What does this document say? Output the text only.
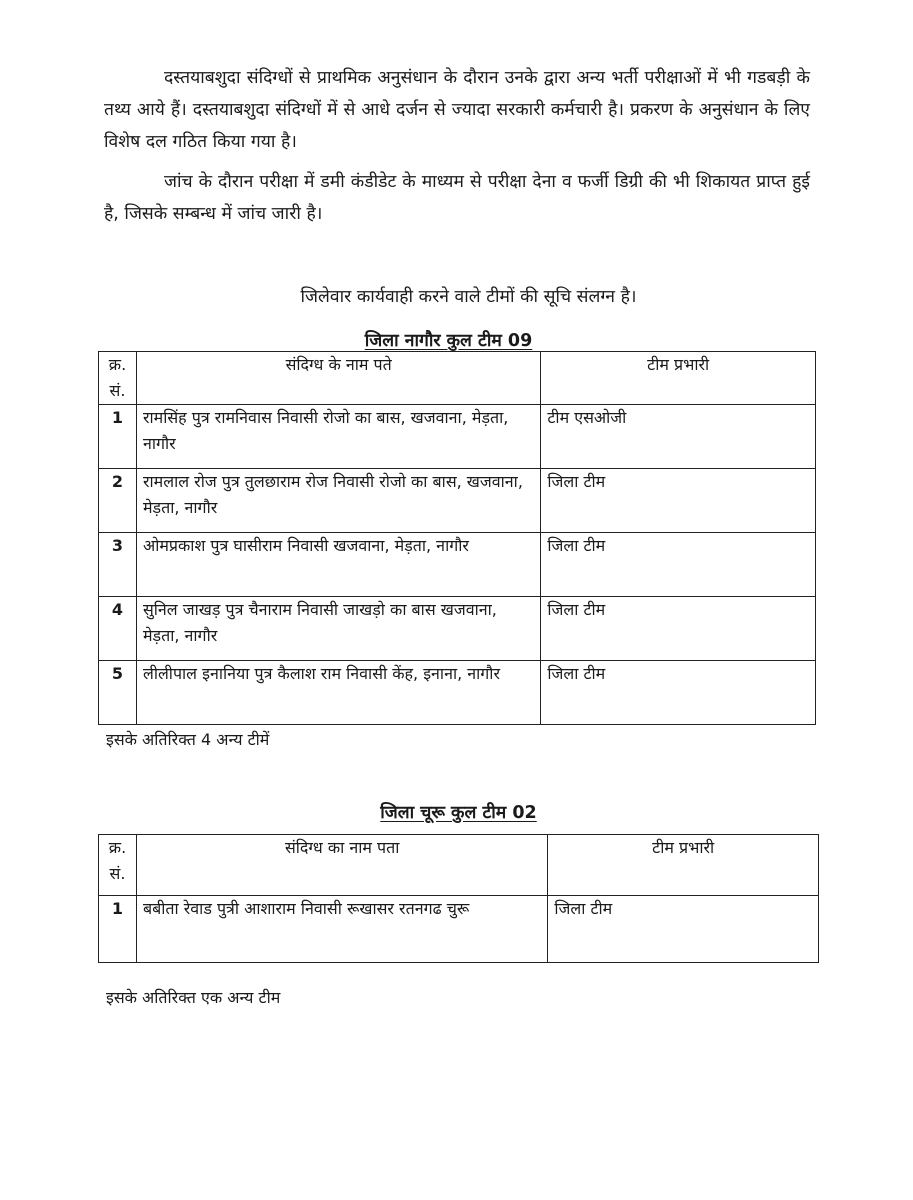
दस्तयाबशुदा संदिग्धों से प्राथमिक अनुसंधान के दौरान उनके द्वारा अन्य भर्ती परीक्षाओं में भी गडबड़ी के तथ्य आये हैं। दस्तयाबशुदा संदिग्धों में से आधे दर्जन से ज्यादा सरकारी कर्मचारी है। प्रकरण के अनुसंधान के लिए विशेष दल गठित किया गया है।

जांच के दौरान परीक्षा में डमी कंडीडेट के माध्यम से परीक्षा देना व फर्जी डिग्री की भी शिकायत प्राप्त हुई है, जिसके सम्बन्ध में जांच जारी है।

जिलेवार कार्यवाही करने वाले टीमों की सूचि संलग्न है।

जिला नागौर कुल टीम 09

क्र. सं.	संदिग्ध के नाम पते	टीम प्रभारी
1	रामसिंह पुत्र रामनिवास निवासी रोजो का बास, खजवाना, मेड़ता, नागौर	टीम एसओजी
2	रामलाल रोज पुत्र तुलछाराम रोज निवासी रोजो का बास, खजवाना, मेड़ता, नागौर	जिला टीम
3	ओमप्रकाश पुत्र घासीराम निवासी खजवाना, मेड़ता, नागौर	जिला टीम
4	सुनिल जाखड़ पुत्र चैनाराम निवासी जाखड़ो का बास खजवाना, मेड़ता, नागौर	जिला टीम
5	लीलीपाल इनानिया पुत्र कैलाश राम निवासी केंह, इनाना, नागौर	जिला टीम

इसके अतिरिक्त 4 अन्य टीमें

जिला चूरू कुल टीम 02

क्र. सं.	संदिग्ध का नाम पता	टीम प्रभारी
1	बबीता रेवाड पुत्री आशाराम निवासी रूखासर रतनगढ चुरू	जिला टीम

इसके अतिरिक्त एक अन्य टीम
